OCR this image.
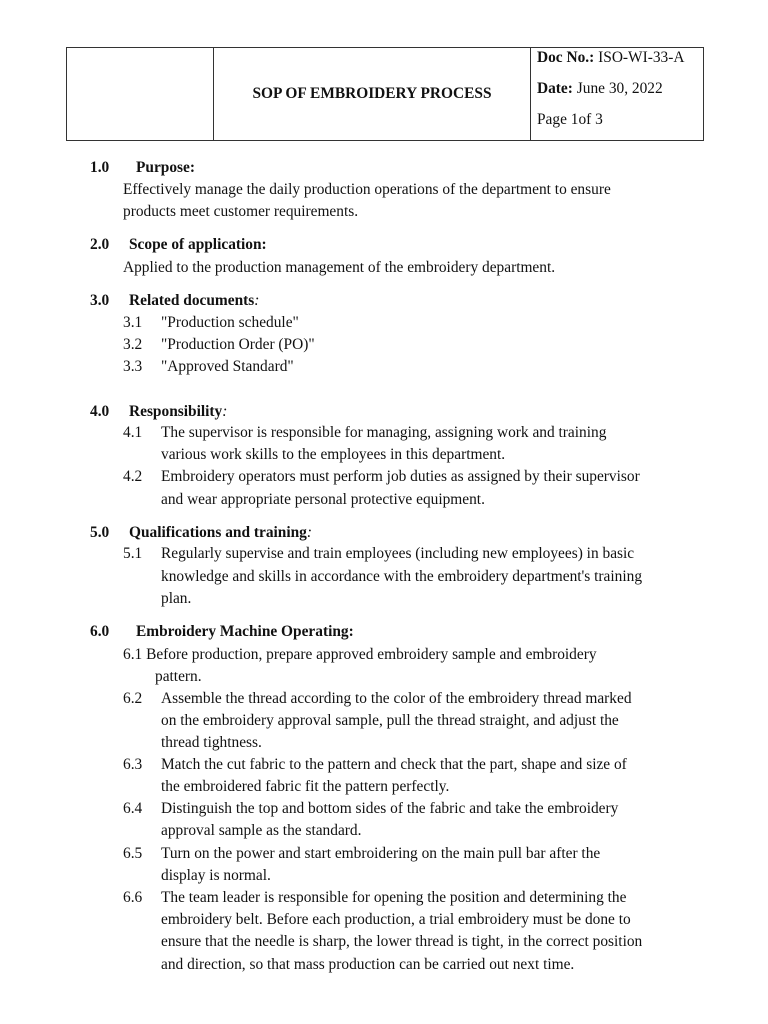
SOP OF EMBROIDERY PROCESS
Doc No.: ISO-WI-33-A
Date: June 30, 2022
Page 1of 3
1.0 Purpose:
Effectively manage the daily production operations of the department to ensure
products meet customer requirements.
2.0 Scope of application:
Applied to the production management of the embroidery department.
3.0 Related documents:
3.1 "Production schedule"
3.2 "Production Order (PO)"
3.3 "Approved Standard"
4.0 Responsibility:
4.1 The supervisor is responsible for managing, assigning work and training
various work skills to the employees in this department.
4.2 Embroidery operators must perform job duties as assigned by their supervisor
and wear appropriate personal protective equipment.
5.0 Qualifications and training:
5.1 Regularly supervise and train employees (including new employees) in basic
knowledge and skills in accordance with the embroidery department's training
plan.
6.0 Embroidery Machine Operating:
6.1 Before production, prepare approved embroidery sample and embroidery
pattern.
6.2 Assemble the thread according to the color of the embroidery thread marked
on the embroidery approval sample, pull the thread straight, and adjust the
thread tightness.
6.3 Match the cut fabric to the pattern and check that the part, shape and size of
the embroidered fabric fit the pattern perfectly.
6.4 Distinguish the top and bottom sides of the fabric and take the embroidery
approval sample as the standard.
6.5 Turn on the power and start embroidering on the main pull bar after the
display is normal.
6.6 The team leader is responsible for opening the position and determining the
embroidery belt. Before each production, a trial embroidery must be done to
ensure that the needle is sharp, the lower thread is tight, in the correct position
and direction, so that mass production can be carried out next time.
